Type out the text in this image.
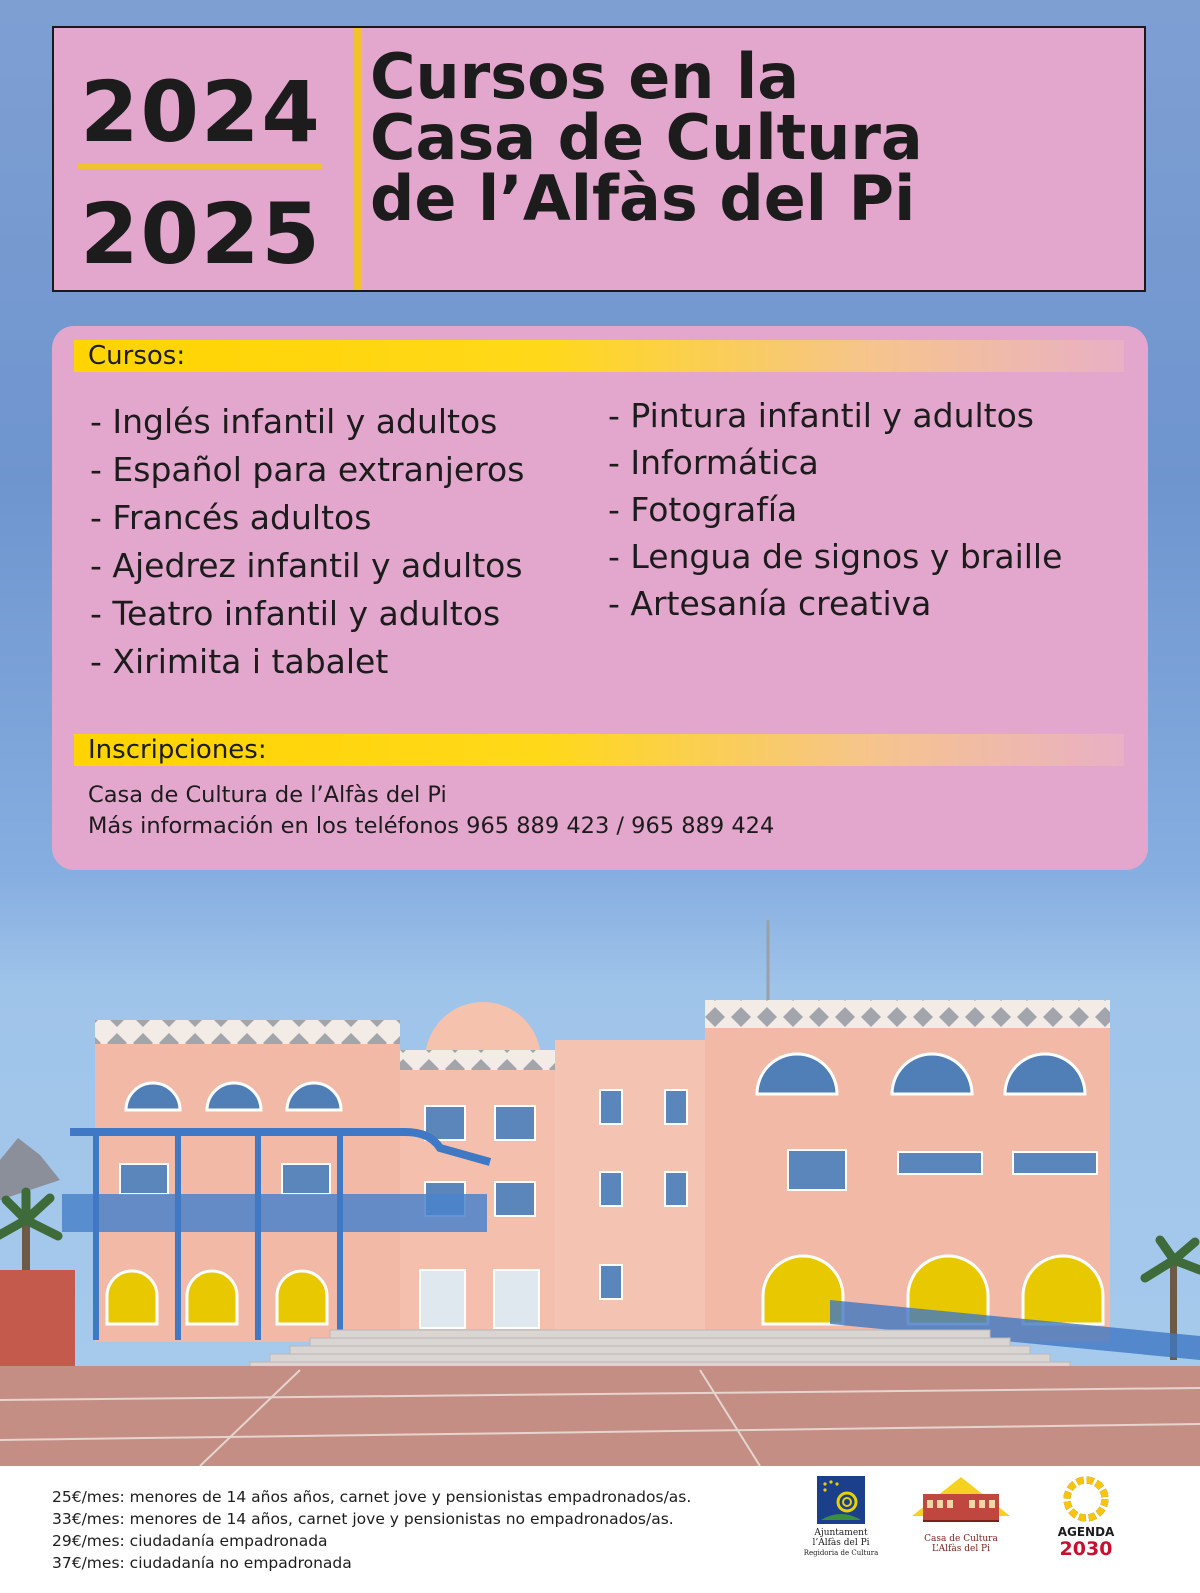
2024
2025
Cursos en la
Casa de Cultura
de l’Alfàs del Pi
Cursos:
- Inglés infantil y adultos
- Español para extranjeros
- Francés adultos
- Ajedrez infantil y adultos
- Teatro infantil y adultos
- Xirimita i tabalet
- Pintura infantil y adultos
- Informática
- Fotografía
- Lengua de signos y braille
- Artesanía creativa
Inscripciones:
Casa de Cultura de l’Alfàs del Pi
Más información en los teléfonos 965 889 423 / 965 889 424
25€/mes: menores de 14 años años, carnet jove y pensionistas empadronados/as.
33€/mes: menores de 14 años, carnet jove y pensionistas no empadronados/as.
29€/mes: ciudadanía empadronada
37€/mes: ciudadanía no empadronada
Ajuntament
l’Alfàs del Pi
Regidoria de Cultura
Casa de Cultura
L’Alfàs del Pi
AGENDA
2030
